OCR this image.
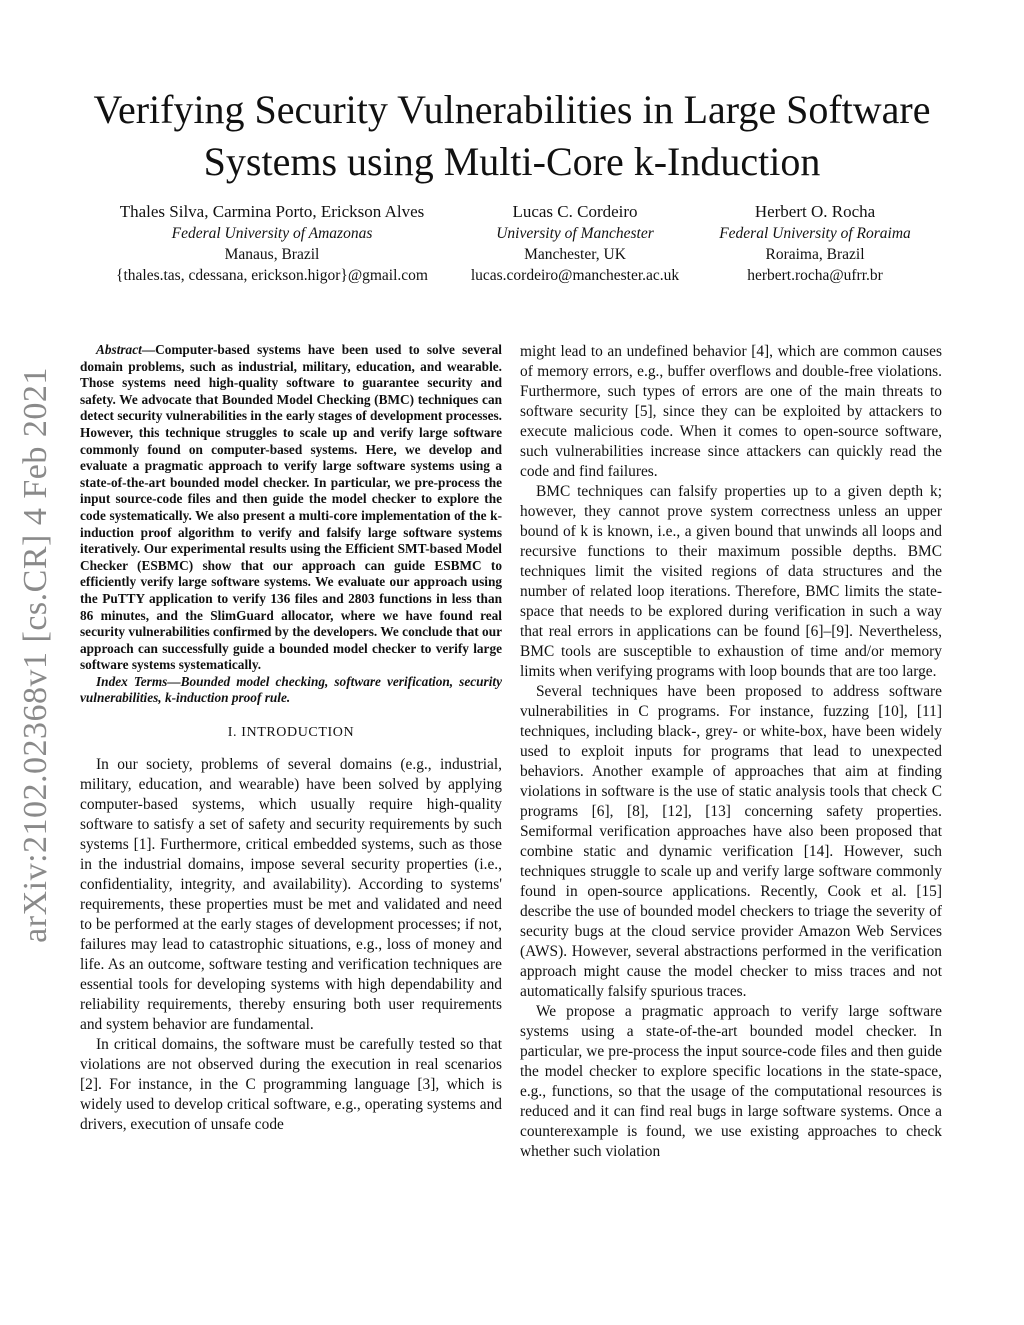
arXiv:2102.02368v1 [cs.CR] 4 Feb 2021
Verifying Security Vulnerabilities in Large Software
Systems using Multi-Core k-Induction
Thales Silva, Carmina Porto, Erickson Alves
Federal University of Amazonas
Manaus, Brazil
{thales.tas, cdessana, erickson.higor}@gmail.com
Lucas C. Cordeiro
University of Manchester
Manchester, UK
lucas.cordeiro@manchester.ac.uk
Herbert O. Rocha
Federal University of Roraima
Roraima, Brazil
herbert.rocha@ufrr.br

Abstract—Computer-based systems have been used to solve several domain problems, such as industrial, military, education, and wearable. Those systems need high-quality software to guarantee security and safety. We advocate that Bounded Model Checking (BMC) techniques can detect security vulnerabilities in the early stages of development processes. However, this technique struggles to scale up and verify large software commonly found on computer-based systems. Here, we develop and evaluate a pragmatic approach to verify large software systems using a state-of-the-art bounded model checker. In particular, we pre-process the input source-code files and then guide the model checker to explore the code systematically. We also present a multi-core implementation of the k-induction proof algorithm to verify and falsify large software systems iteratively. Our experimental results using the Efficient SMT-based Model Checker (ESBMC) show that our approach can guide ESBMC to efficiently verify large software systems. We evaluate our approach using the PuTTY application to verify 136 files and 2803 functions in less than 86 minutes, and the SlimGuard allocator, where we have found real security vulnerabilities confirmed by the developers. We conclude that our approach can successfully guide a bounded model checker to verify large software systems systematically.

Index Terms—Bounded model checking, software verification, security vulnerabilities, k-induction proof rule.

I. INTRODUCTION

In our society, problems of several domains (e.g., industrial, military, education, and wearable) have been solved by applying computer-based systems, which usually require high-quality software to satisfy a set of safety and security requirements by such systems [1]. Furthermore, critical embedded systems, such as those in the industrial domains, impose several security properties (i.e., confidentiality, integrity, and availability). According to systems' requirements, these properties must be met and validated and need to be performed at the early stages of development processes; if not, failures may lead to catastrophic situations, e.g., loss of money and life. As an outcome, software testing and verification techniques are essential tools for developing systems with high dependability and reliability requirements, thereby ensuring both user requirements and system behavior are fundamental.

In critical domains, the software must be carefully tested so that violations are not observed during the execution in real scenarios [2]. For instance, in the C programming language [3], which is widely used to develop critical software, e.g., operating systems and drivers, execution of unsafe code

might lead to an undefined behavior [4], which are common causes of memory errors, e.g., buffer overflows and double-free violations. Furthermore, such types of errors are one of the main threats to software security [5], since they can be exploited by attackers to execute malicious code. When it comes to open-source software, such vulnerabilities increase since attackers can quickly read the code and find failures.

BMC techniques can falsify properties up to a given depth k; however, they cannot prove system correctness unless an upper bound of k is known, i.e., a given bound that unwinds all loops and recursive functions to their maximum possible depths. BMC techniques limit the visited regions of data structures and the number of related loop iterations. Therefore, BMC limits the state-space that needs to be explored during verification in such a way that real errors in applications can be found [6]–[9]. Nevertheless, BMC tools are susceptible to exhaustion of time and/or memory limits when verifying programs with loop bounds that are too large.

Several techniques have been proposed to address software vulnerabilities in C programs. For instance, fuzzing [10], [11] techniques, including black-, grey- or white-box, have been widely used to exploit inputs for programs that lead to unexpected behaviors. Another example of approaches that aim at finding violations in software is the use of static analysis tools that check C programs [6], [8], [12], [13] concerning safety properties. Semiformal verification approaches have also been proposed that combine static and dynamic verification [14]. However, such techniques struggle to scale up and verify large software commonly found in open-source applications. Recently, Cook et al. [15] describe the use of bounded model checkers to triage the severity of security bugs at the cloud service provider Amazon Web Services (AWS). However, several abstractions performed in the verification approach might cause the model checker to miss traces and not automatically falsify spurious traces.

We propose a pragmatic approach to verify large software systems using a state-of-the-art bounded model checker. In particular, we pre-process the input source-code files and then guide the model checker to explore specific locations in the state-space, e.g., functions, so that the usage of the computational resources is reduced and it can find real bugs in large software systems. Once a counterexample is found, we use existing approaches to check whether such violation
